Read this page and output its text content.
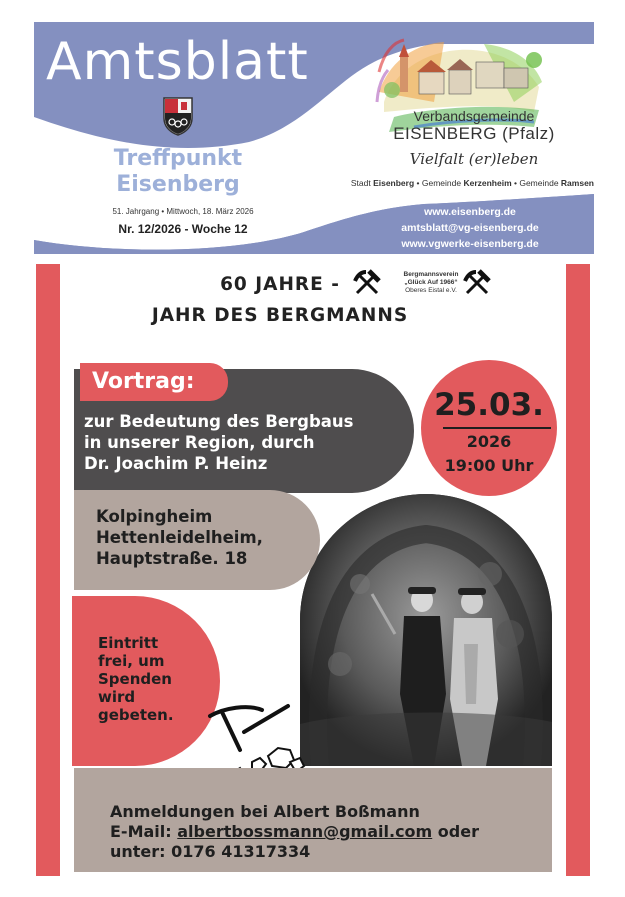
Amtsblatt
Treffpunkt
Eisenberg
51. Jahrgang • Mittwoch, 18. März 2026
Nr. 12/2026 - Woche 12
Verbandsgemeinde
EISENBERG (Pfalz)
Vielfalt (er)leben
Stadt Eisenberg • Gemeinde Kerzenheim • Gemeinde Ramsen
www.eisenberg.de
amtsblatt@vg-eisenberg.de
www.vgwerke-eisenberg.de
60 JAHRE -
JAHR DES BERGMANNS
Bergmannsverein
„Glück Auf 1966“
Oberes Eistal e.V.
Vortrag:
zur Bedeutung des Bergbaus
in unserer Region, durch
Dr. Joachim P. Heinz
25.03.
2026
19:00 Uhr
Kolpingheim
Hettenleidelheim,
Hauptstraße. 18
Eintritt
frei, um
Spenden
wird
gebeten.
Anmeldungen bei Albert Boßmann
E-Mail: albertbossmann@gmail.com oder
unter: 0176 41317334
